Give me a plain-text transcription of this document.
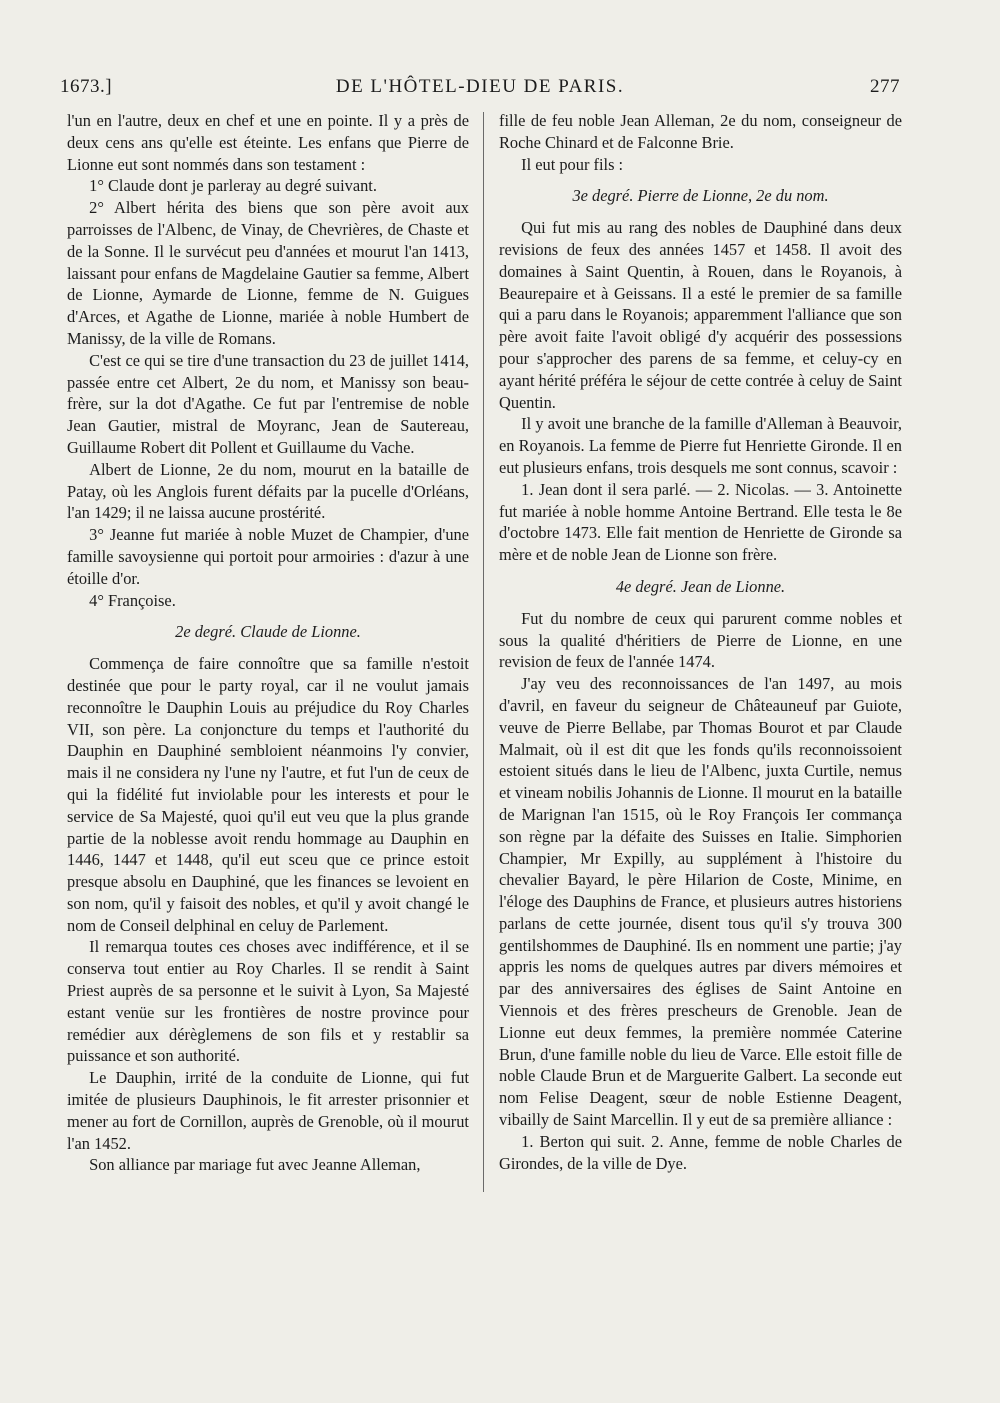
1673.]	DE L'HÔTEL-DIEU DE PARIS.	277

l'un en l'autre, deux en chef et une en pointe. Il y a près de deux cens ans qu'elle est éteinte. Les enfans que Pierre de Lionne eut sont nommés dans son testament :

1° Claude dont je parleray au degré suivant.

2° Albert hérita des biens que son père avoit aux parroisses de l'Albenc, de Vinay, de Chevrières, de Chaste et de la Sonne. Il le survécut peu d'années et mourut l'an 1413, laissant pour enfans de Magdelaine Gautier sa femme, Albert de Lionne, Aymarde de Lionne, femme de N. Guigues d'Arces, et Agathe de Lionne, mariée à noble Humbert de Manissy, de la ville de Romans.

C'est ce qui se tire d'une transaction du 23 de juillet 1414, passée entre cet Albert, 2e du nom, et Manissy son beau-frère, sur la dot d'Agathe. Ce fut par l'entremise de noble Jean Gautier, mistral de Moyranc, Jean de Sautereau, Guillaume Robert dit Pollent et Guillaume du Vache.

Albert de Lionne, 2e du nom, mourut en la bataille de Patay, où les Anglois furent défaits par la pucelle d'Orléans, l'an 1429; il ne laissa aucune prostérité.

3° Jeanne fut mariée à noble Muzet de Champier, d'une famille savoysienne qui portoit pour armoiries : d'azur à une étoille d'or.

4° Françoise.

2e degré. Claude de Lionne.

Commença de faire connoître que sa famille n'estoit destinée que pour le party royal, car il ne voulut jamais reconnoître le Dauphin Louis au préjudice du Roy Charles VII, son père. La conjoncture du temps et l'authorité du Dauphin en Dauphiné sembloient néanmoins l'y convier, mais il ne considera ny l'une ny l'autre, et fut l'un de ceux de qui la fidélité fut inviolable pour les interests et pour le service de Sa Majesté, quoi qu'il eut veu que la plus grande partie de la noblesse avoit rendu hommage au Dauphin en 1446, 1447 et 1448, qu'il eut sceu que ce prince estoit presque absolu en Dauphiné, que les finances se levoient en son nom, qu'il y faisoit des nobles, et qu'il y avoit changé le nom de Conseil delphinal en celuy de Parlement.

Il remarqua toutes ces choses avec indifférence, et il se conserva tout entier au Roy Charles. Il se rendit à Saint Priest auprès de sa personne et le suivit à Lyon, Sa Majesté estant venüe sur les frontières de nostre province pour remédier aux dérèglemens de son fils et y restablir sa puissance et son authorité.

Le Dauphin, irrité de la conduite de Lionne, qui fut imitée de plusieurs Dauphinois, le fit arrester prisonnier et mener au fort de Cornillon, auprès de Grenoble, où il mourut l'an 1452.

Son alliance par mariage fut avec Jeanne Alleman,

fille de feu noble Jean Alleman, 2e du nom, conseigneur de Roche Chinard et de Falconne Brie.

Il eut pour fils :

3e degré. Pierre de Lionne, 2e du nom.

Qui fut mis au rang des nobles de Dauphiné dans deux revisions de feux des années 1457 et 1458. Il avoit des domaines à Saint Quentin, à Rouen, dans le Royanois, à Beaurepaire et à Geissans. Il a esté le premier de sa famille qui a paru dans le Royanois; apparemment l'alliance que son père avoit faite l'avoit obligé d'y acquérir des possessions pour s'approcher des parens de sa femme, et celuy-cy en ayant hérité préféra le séjour de cette contrée à celuy de Saint Quentin.

Il y avoit une branche de la famille d'Alleman à Beauvoir, en Royanois. La femme de Pierre fut Henriette Gironde. Il en eut plusieurs enfans, trois desquels me sont connus, scavoir :

1. Jean dont il sera parlé. — 2. Nicolas. — 3. Antoinette fut mariée à noble homme Antoine Bertrand. Elle testa le 8e d'octobre 1473. Elle fait mention de Henriette de Gironde sa mère et de noble Jean de Lionne son frère.

4e degré. Jean de Lionne.

Fut du nombre de ceux qui parurent comme nobles et sous la qualité d'héritiers de Pierre de Lionne, en une revision de feux de l'année 1474.

J'ay veu des reconnoissances de l'an 1497, au mois d'avril, en faveur du seigneur de Châteauneuf par Guiote, veuve de Pierre Bellabe, par Thomas Bourot et par Claude Malmait, où il est dit que les fonds qu'ils reconnoissoient estoient situés dans le lieu de l'Albenc, juxta Curtile, nemus et vineam nobilis Johannis de Lionne. Il mourut en la bataille de Marignan l'an 1515, où le Roy François Ier commança son règne par la défaite des Suisses en Italie. Simphorien Champier, Mr Expilly, au supplément à l'histoire du chevalier Bayard, le père Hilarion de Coste, Minime, en l'éloge des Dauphins de France, et plusieurs autres historiens parlans de cette journée, disent tous qu'il s'y trouva 300 gentilshommes de Dauphiné. Ils en nomment une partie; j'ay appris les noms de quelques autres par divers mémoires et par des anniversaires des églises de Saint Antoine en Viennois et des frères prescheurs de Grenoble. Jean de Lionne eut deux femmes, la première nommée Caterine Brun, d'une famille noble du lieu de Varce. Elle estoit fille de noble Claude Brun et de Marguerite Galbert. La seconde eut nom Felise Deagent, sœur de noble Estienne Deagent, vibailly de Saint Marcellin. Il y eut de sa première alliance :

1. Berton qui suit. 2. Anne, femme de noble Charles de Girondes, de la ville de Dye.
